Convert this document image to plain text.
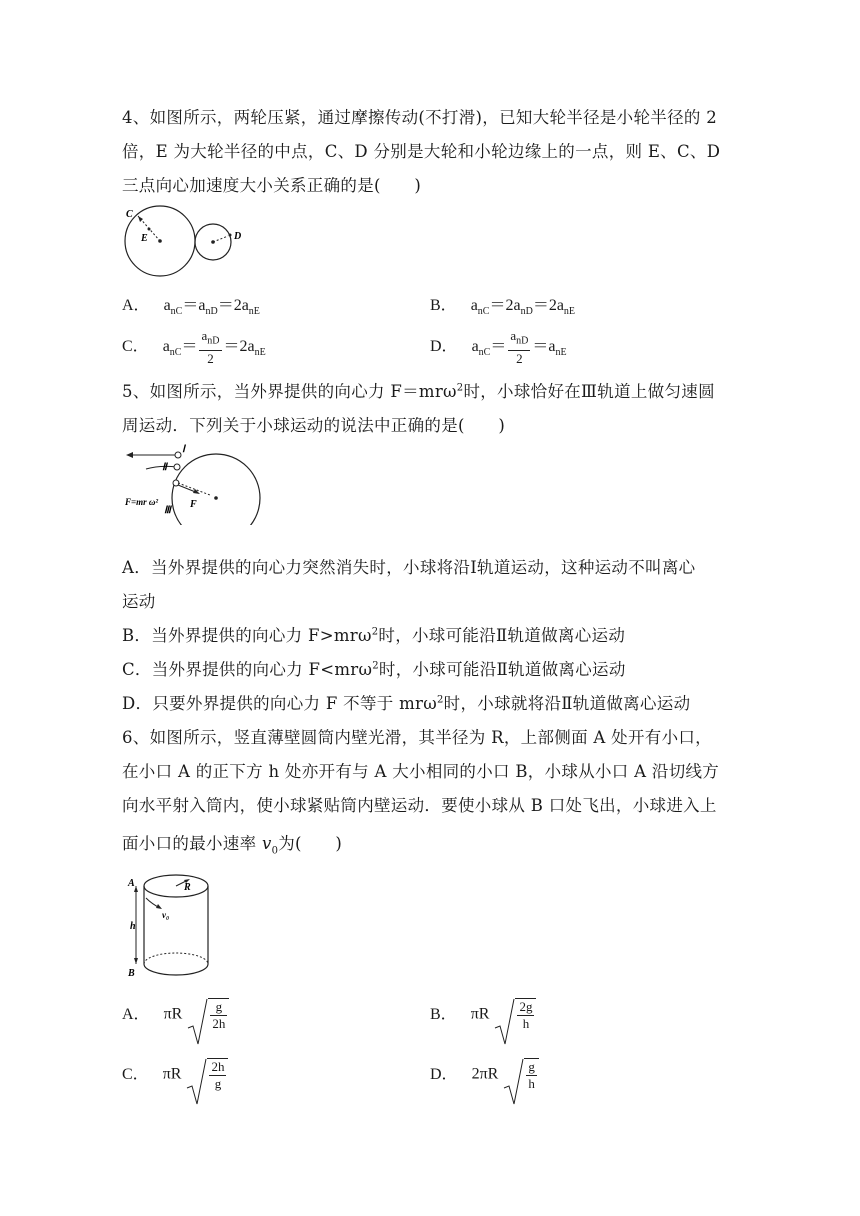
4、如图所示，两轮压紧，通过摩擦传动(不打滑)，已知大轮半径是小轮半径的 2
倍，E 为大轮半径的中点，C、D 分别是大轮和小轮边缘上的一点，则 E、C、D
三点向心加速度大小关系正确的是(　　)
C
E	D
A． $a_{nC}=a_{nD}=2a_{nE}$	B． $a_{nC}=2a_{nD}=2a_{nE}$
C． $a_{nC}= \frac{a_{nD}}{2} =2a_{nE}$	D． $a_{nC}= \frac{a_{nD}}{2} =a_{nE}$
5、如图所示，当外界提供的向心力 F＝mrω$^2$时，小球恰好在Ⅲ轨道上做匀速圆
周运动．下列关于小球运动的说法中正确的是(　　)
Ⅰ
Ⅱ
Ⅲ
F
F=mr ω²
A．当外界提供的向心力突然消失时，小球将沿Ⅰ轨道运动，这种运动不叫离心
运动
B．当外界提供的向心力 F>mrω$^2$时，小球可能沿Ⅱ轨道做离心运动
C．当外界提供的向心力 F<mrω$^2$时，小球可能沿Ⅱ轨道做离心运动
D．只要外界提供的向心力 F 不等于 mrω$^2$时，小球就将沿Ⅱ轨道做离心运动
6、如图所示，竖直薄壁圆筒内壁光滑，其半径为 R，上部侧面 A 处开有小口，
在小口 A 的正下方 h 处亦开有与 A 大小相同的小口 B，小球从小口 A 沿切线方
向水平射入筒内，使小球紧贴筒内壁运动．要使小球从 B 口处飞出，小球进入上
面小口的最小速率 $v_0$为(　　)
A
B
h
R
v₀
A． πR $\frac{g}{2h}$	B． πR $\frac{2g}{h}$
C． πR $\frac{2h}{g}$	D． $2\pi R \frac{g}{h}$
